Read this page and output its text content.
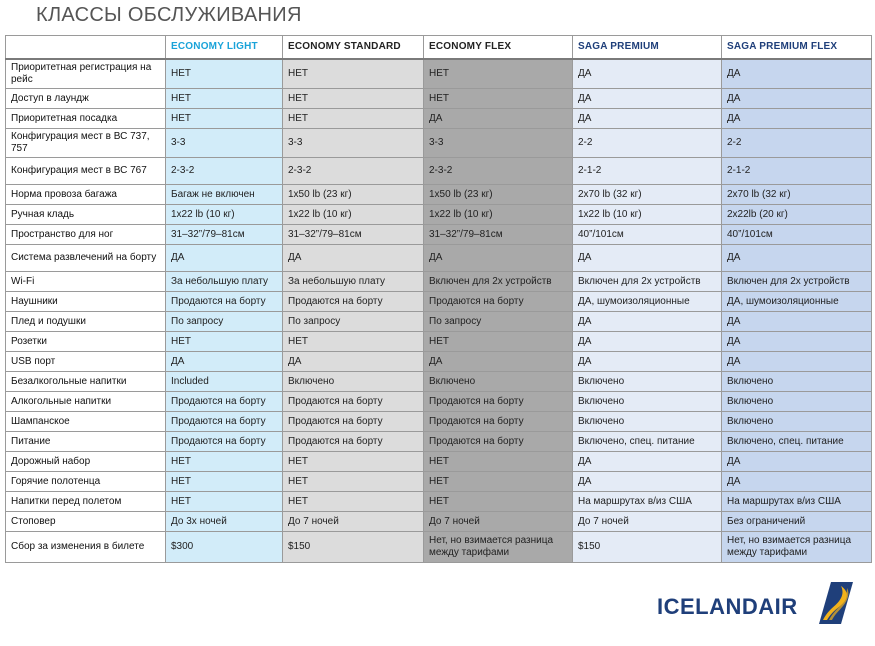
КЛАССЫ ОБСЛУЖИВАНИЯ
	ECONOMY LIGHT	ECONOMY STANDARD	ECONOMY FLEX	SAGA PREMIUM	SAGA PREMIUM FLEX
Приоритетная регистрация на рейс	НЕТ	НЕТ	НЕТ	ДА	ДА
Доступ в лаундж	НЕТ	НЕТ	НЕТ	ДА	ДА
Приоритетная посадка	НЕТ	НЕТ	ДА	ДА	ДА
Конфигурация мест в ВС 737, 757	3-3	3-3	3-3	2-2	2-2
Конфигурация мест в ВС 767	2-3-2	2-3-2	2-3-2	2-1-2	2-1-2
Норма провоза багажа	Багаж не включен	1x50 lb (23 кг)	1x50 lb (23 кг)	2x70 lb (32 кг)	2x70 lb (32 кг)
Ручная кладь	1x22 lb (10 кг)	1x22 lb (10 кг)	1x22 lb (10 кг)	1x22 lb (10 кг)	2x22lb (20 кг)
Пространство для ног	31–32”/79–81см	31–32”/79–81см	31–32”/79–81см	40”/101см	40”/101см
Система развлечений на борту	ДА	ДА	ДА	ДА	ДА
Wi-Fi	За небольшую плату	За небольшую плату	Включен для 2х устройств	Включен для 2х устройств	Включен для 2х устройств
Наушники	Продаются на борту	Продаются на борту	Продаются на борту	ДА, шумоизоляционные	ДА, шумоизоляционные
Плед и подушки	По запросу	По запросу	По запросу	ДА	ДА
Розетки	НЕТ	НЕТ	НЕТ	ДА	ДА
USB порт	ДА	ДА	ДА	ДА	ДА
Безалкогольные напитки	Included	Включено	Включено	Включено	Включено
Алкогольные напитки	Продаются на борту	Продаются на борту	Продаются на борту	Включено	Включено
Шампанское	Продаются на борту	Продаются на борту	Продаются на борту	Включено	Включено
Питание	Продаются на борту	Продаются на борту	Продаются на борту	Включено, спец. питание	Включено, спец. питание
Дорожный набор	НЕТ	НЕТ	НЕТ	ДА	ДА
Горячие полотенца	НЕТ	НЕТ	НЕТ	ДА	ДА
Напитки перед полетом	НЕТ	НЕТ	НЕТ	На маршрутах в/из США	На маршрутах в/из США
Стоповер	До 3х ночей	До 7 ночей	До 7 ночей	До 7 ночей	Без ограничений
Сбор за изменения в билете	$300	$150	Нет, но взимается разница между тарифами	$150	Нет, но взимается разница между тарифами
ICELANDAIR
